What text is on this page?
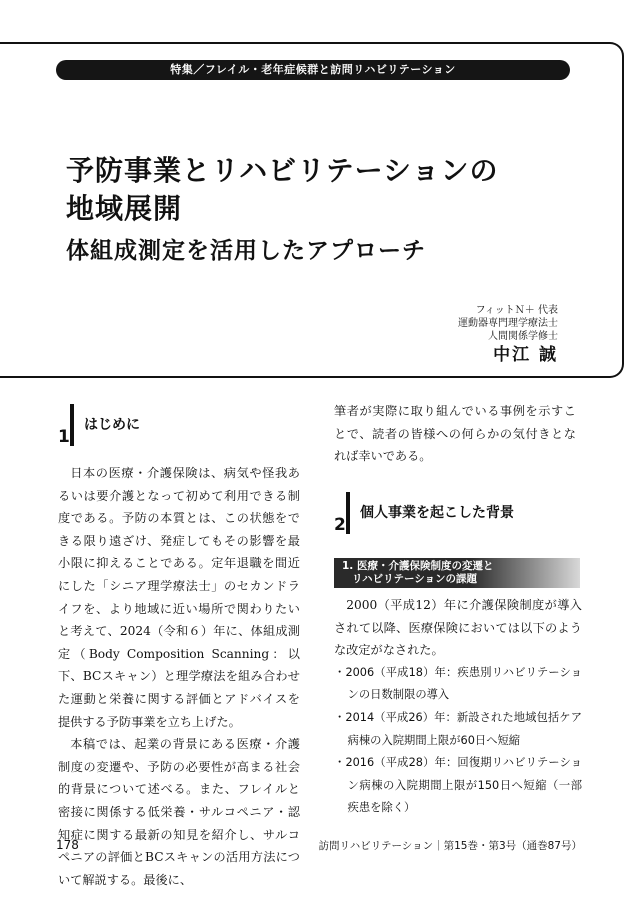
特集／フレイル・老年症候群と訪問リハビリテーション
予防事業とリハビリテーションの
地域展開
体組成測定を活用したアプローチ
フィットＮ＋ 代表
運動器専門理学療法士
人間関係学修士
中江 誠
1
はじめに

日本の医療・介護保険は、病気や怪我あるいは要介護となって初めて利用できる制度である。予防の本質とは、この状態をできる限り遠ざけ、発症してもその影響を最小限に抑えることである。定年退職を間近にした「シニア理学療法士」のセカンドライフを、より地域に近い場所で関わりたいと考えて、2024（令和６）年に、体組成測定（Body Composition Scanning：以下、BCスキャン）と理学療法を組み合わせた運動と栄養に関する評価とアドバイスを提供する予防事業を立ち上げた。

本稿では、起業の背景にある医療・介護制度の変遷や、予防の必要性が高まる社会的背景について述べる。また、フレイルと密接に関係する低栄養・サルコペニア・認知症に関する最新の知見を紹介し、サルコペニアの評価とBCスキャンの活用方法について解説する。最後に、

筆者が実際に取り組んでいる事例を示すことで、読者の皆様への何らかの気付きとなれば幸いである。

2
個人事業を起こした背景
1. 医療・介護保険制度の変遷と
リハビリテーションの課題

2000（平成12）年に介護保険制度が導入されて以降、医療保険においては以下のような改定がなされた。

・ 2006（平成18）年：疾患別リハビリテーションの日数制限の導入
・ 2014（平成26）年：新設された地域包括ケア病棟の入院期間上限が60日へ短縮
・ 2016（平成28）年：回復期リハビリテーション病棟の入院期間上限が150日へ短縮（一部疾患を除く）
178	訪問リハビリテーション｜第15巻・第3号（通巻87号）
